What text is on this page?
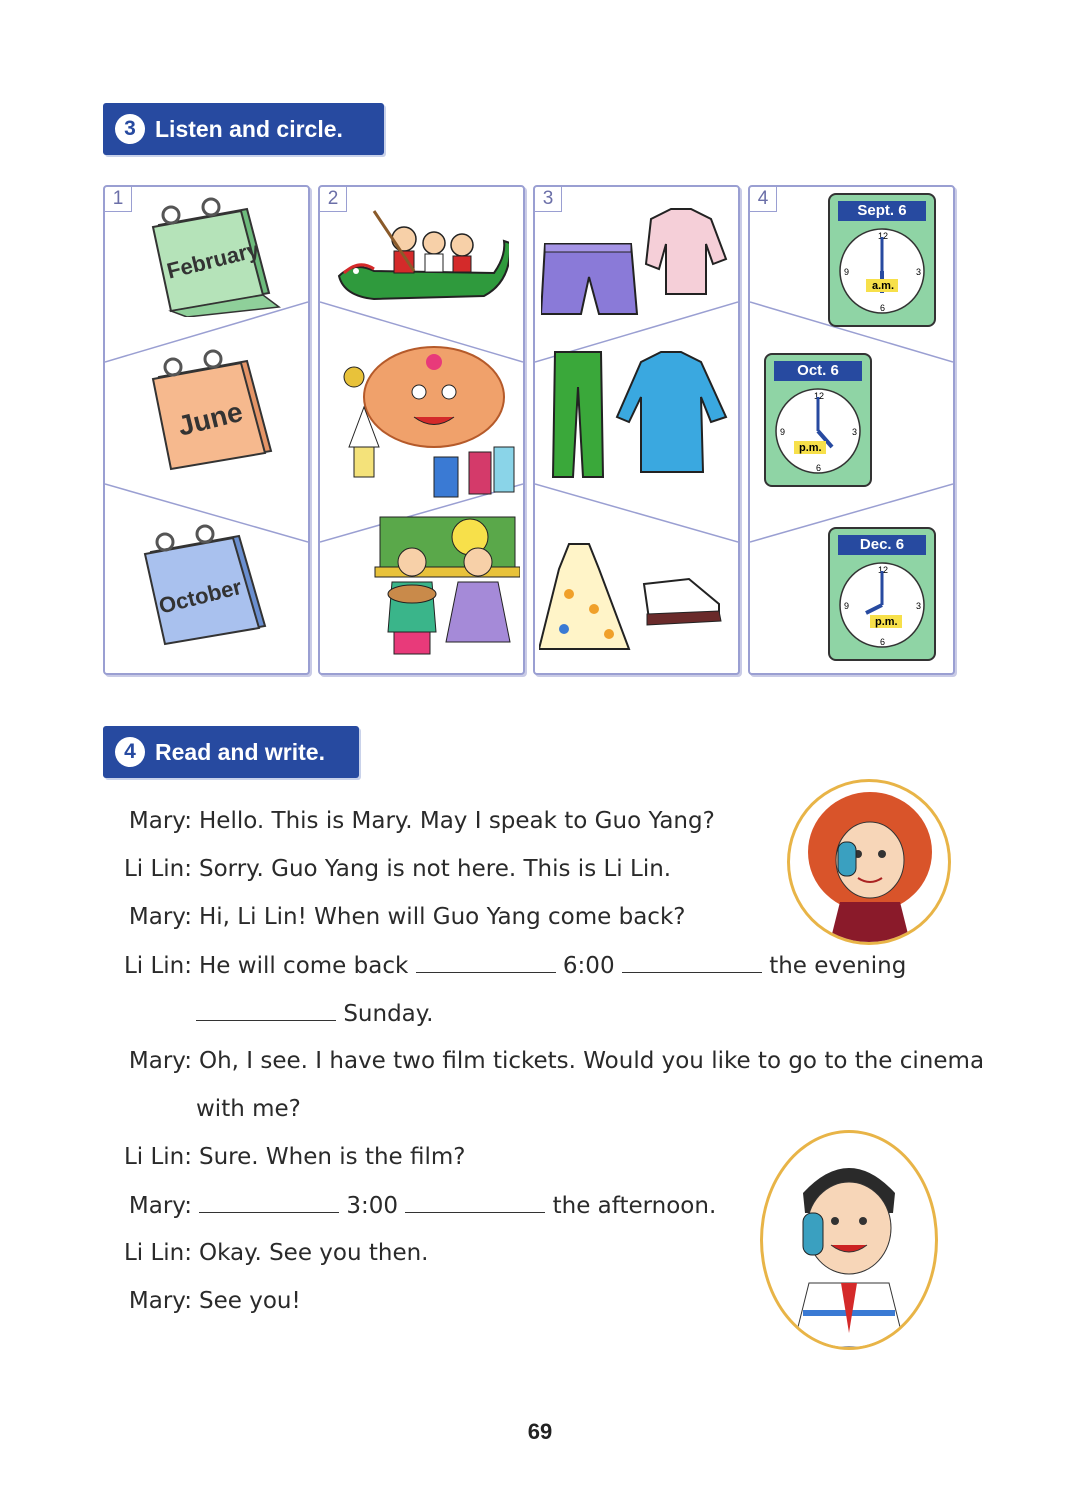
3 Listen and circle.
1
February
June
October
2	3	4
Sept. 6
12
3
6
9
a.m.
Oct. 6
12
3
6
9
p.m.
Dec. 6
12
3
6
9
p.m.
4 Read and write.
Mary: Hello. This is Mary. May I speak to Guo Yang?
Li Lin: Sorry. Guo Yang is not here. This is Li Lin.
Mary: Hi, Li Lin! When will Guo Yang come back?
Li Lin: He will come back	6:00	the evening
Sunday.
Mary: Oh, I see. I have two film tickets. Would you like to go to the cinema
with me?
Li Lin: Sure. When is the film?
Mary:	3:00	the afternoon.
Li Lin: Okay. See you then.
Mary: See you!
69
